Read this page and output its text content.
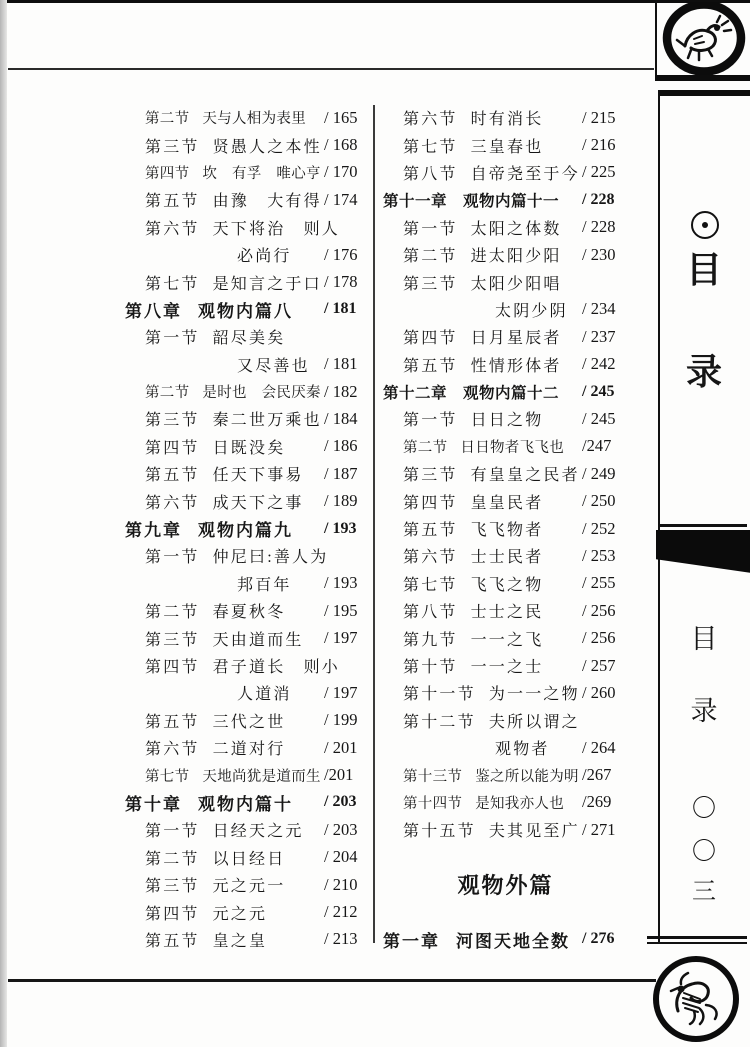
第二节 天与人相为表里	/ 165
第三节 贤愚人之本性 / 168
第四节 坎　有孚　唯心亨 / 170
第五节 由豫　大有得 / 174
第六节 天下将治　则人
必尚行	/ 176
第七节 是知言之于口 / 178
第八章 观物内篇八	/ 181
第一节 韶尽美矣
又尽善也 / 181
第二节 是时也　会民厌秦 / 182
第三节 秦二世万乘也 / 184
第四节 日既没矣	/ 186
第五节 任天下事易	/ 187
第六节 成天下之事	/ 189
第九章 观物内篇九	/ 193
第一节 仲尼曰:善人为
邦百年	/ 193
第二节 春夏秋冬	/ 195
第三节 天由道而生	/ 197
第四节 君子道长　则小
人道消	/ 197
第五节 三代之世	/ 199
第六节 二道对行	/ 201
第七节 天地尚犹是道而生 /201
第十章 观物内篇十	/ 203
第一节 日经天之元	/ 203
第二节 以日经日	/ 204
第三节 元之元一	/ 210
第四节 元之元	/ 212
第五节 皇之皇	/ 213
第六节 时有消长	/ 215
第七节 三皇春也	/ 216
第八节 自帝尧至于今 / 225
第十一章 观物内篇十一	/ 228
第一节 太阳之体数	/ 228
第二节 进太阳少阳	/ 230
第三节 太阳少阳唱
太阴少阴 / 234
第四节 日月星辰者	/ 237
第五节 性情形体者	/ 242
第十二章 观物内篇十二	/ 245
第一节 日日之物	/ 245
第二节 日日物者飞飞也	/247
第三节 有皇皇之民者 / 249
第四节 皇皇民者	/ 250
第五节 飞飞物者	/ 252
第六节 士士民者	/ 253
第七节 飞飞之物	/ 255
第八节 士士之民	/ 256
第九节 一一之飞	/ 256
第十节 一一之士	/ 257
第十一节 为一一之物 / 260
第十二节 夫所以谓之
观物者	/ 264
第十三节 鉴之所以能为明 /267
第十四节 是知我亦人也	/269
第十五节 夫其见至广 / 271
观物外篇
第一章 河图天地全数 / 276
目
录
目
录
〇
〇
三
